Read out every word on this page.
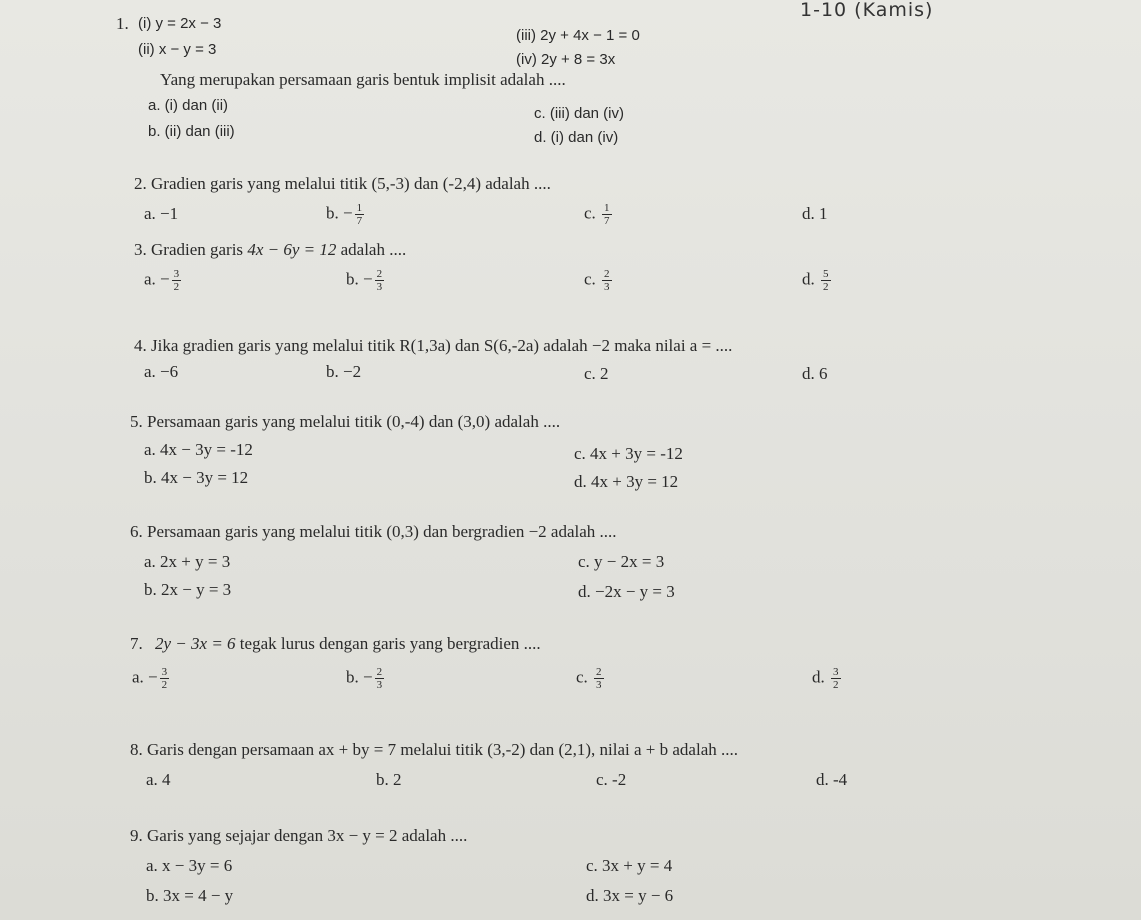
1-10 (Kamis)
1. (i) y = 2x − 3
(ii) x − y = 3
(iii) 2y + 4x − 1 = 0
(iv) 2y + 8 = 3x
Yang merupakan persamaan garis bentuk implisit adalah ....
a. (i) dan (ii)
b. (ii) dan (iii)
c. (iii) dan (iv)
d. (i) dan (iv)
2. Gradien garis yang melalui titik (5,-3) dan (-2,4) adalah ....
a. −1	b. − $\frac{1}{7}$	c. $\frac{1}{7}$	d. 1
3. Gradien garis 4x − 6y = 12 adalah ....
a. − $\frac{3}{2}$	b. − $\frac{2}{3}$	c. $\frac{2}{3}$	d. $\frac{5}{2}$
4. Jika gradien garis yang melalui titik R(1,3a) dan S(6,-2a) adalah −2 maka nilai a = ....
a. −6	b. −2	c. 2	d. 6
5. Persamaan garis yang melalui titik (0,-4) dan (3,0) adalah ....
a. 4x − 3y = -12
b. 4x − 3y = 12
c. 4x + 3y = -12
d. 4x + 3y = 12
6. Persamaan garis yang melalui titik (0,3) dan bergradien −2 adalah ....
a. 2x + y = 3
b. 2x − y = 3
c. y − 2x = 3
d. −2x − y = 3
7. 2y − 3x = 6 tegak lurus dengan garis yang bergradien ....
a. − $\frac{3}{2}$	b. − $\frac{2}{3}$	c. $\frac{2}{3}$	d. $\frac{3}{2}$
8. Garis dengan persamaan ax + by = 7 melalui titik (3,-2) dan (2,1), nilai a + b adalah ....
a. 4	b. 2	c. -2	d. -4
9. Garis yang sejajar dengan 3x − y = 2 adalah ....
a. x − 3y = 6
b. 3x = 4 − y
c. 3x + y = 4
d. 3x = y − 6
